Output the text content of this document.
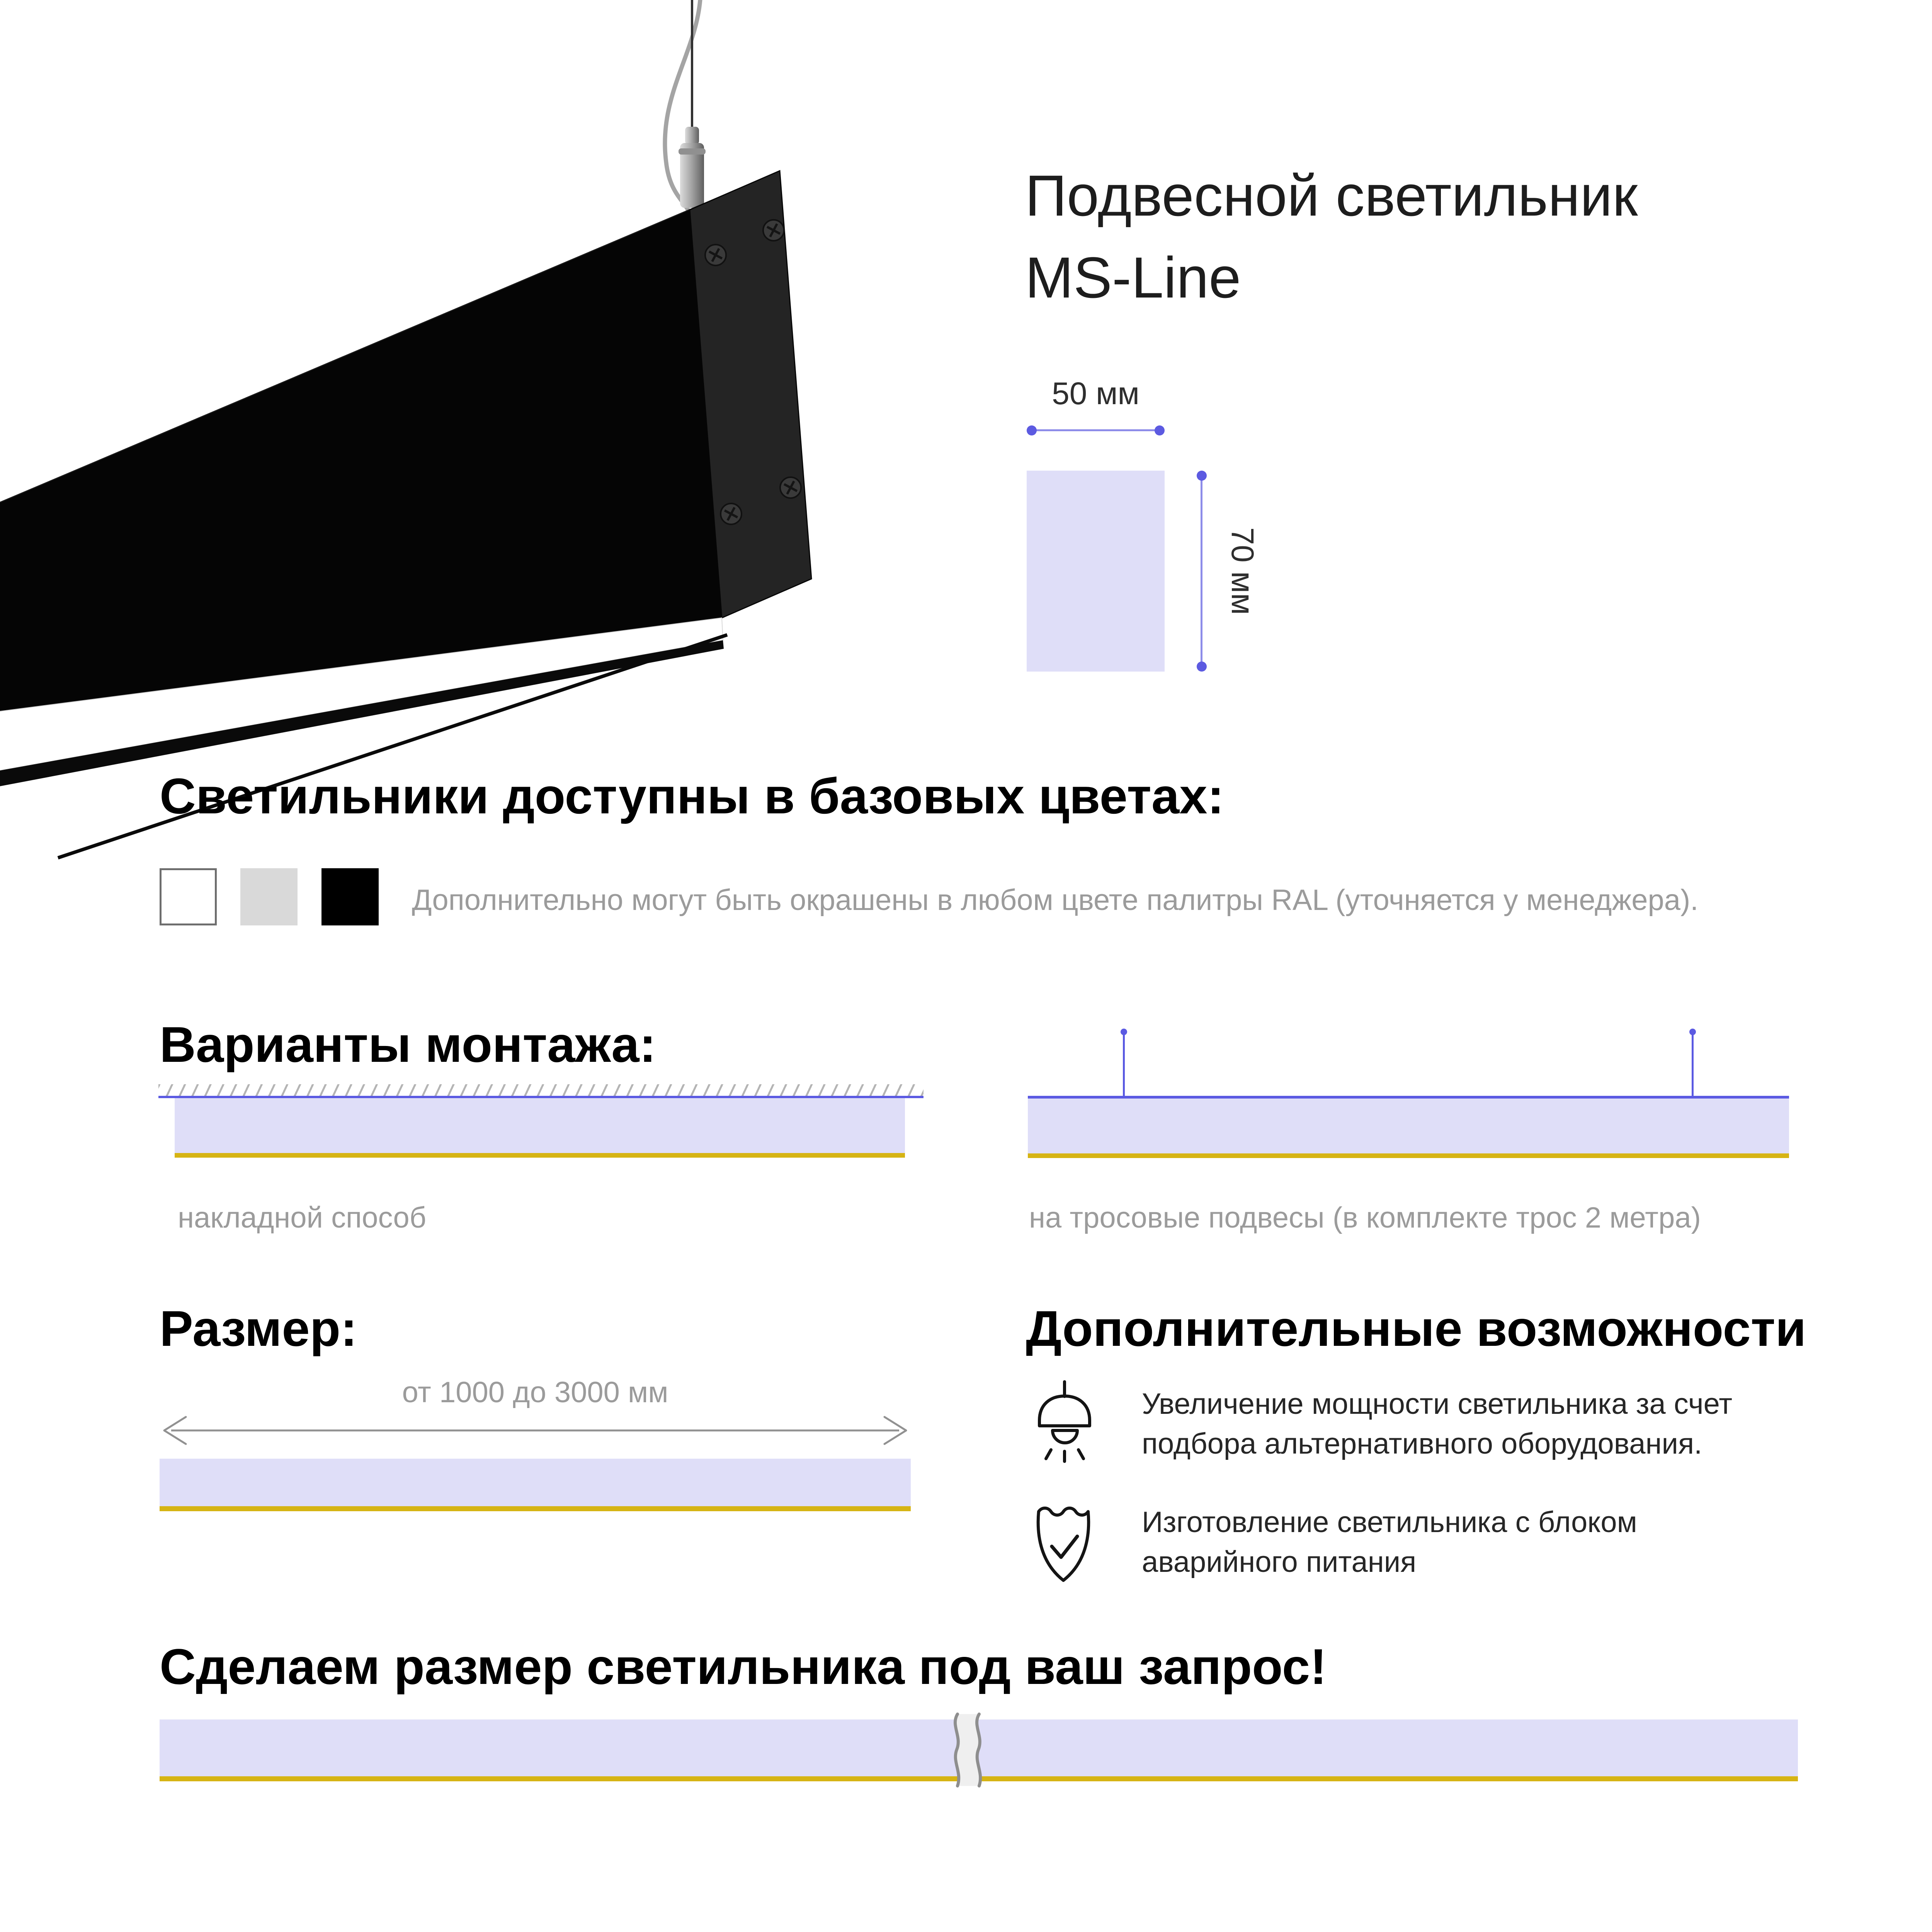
Подвесной светильник
MS-Line
50 мм
70 мм
Светильники доступны в базовых цветах:
Дополнительно могут быть окрашены в любом цвете палитры RAL (уточняется у менеджера).
Варианты монтажа:
накладной способ	на тросовые подвесы (в комплекте трос 2 метра)
Размер:
от 1000 до 3000 мм
Дополнительные возможности
Увеличение мощности светильника за счет
подбора альтернативного оборудования.
Изготовление светильника с блоком
аварийного питания
Сделаем размер светильника под ваш запрос!
